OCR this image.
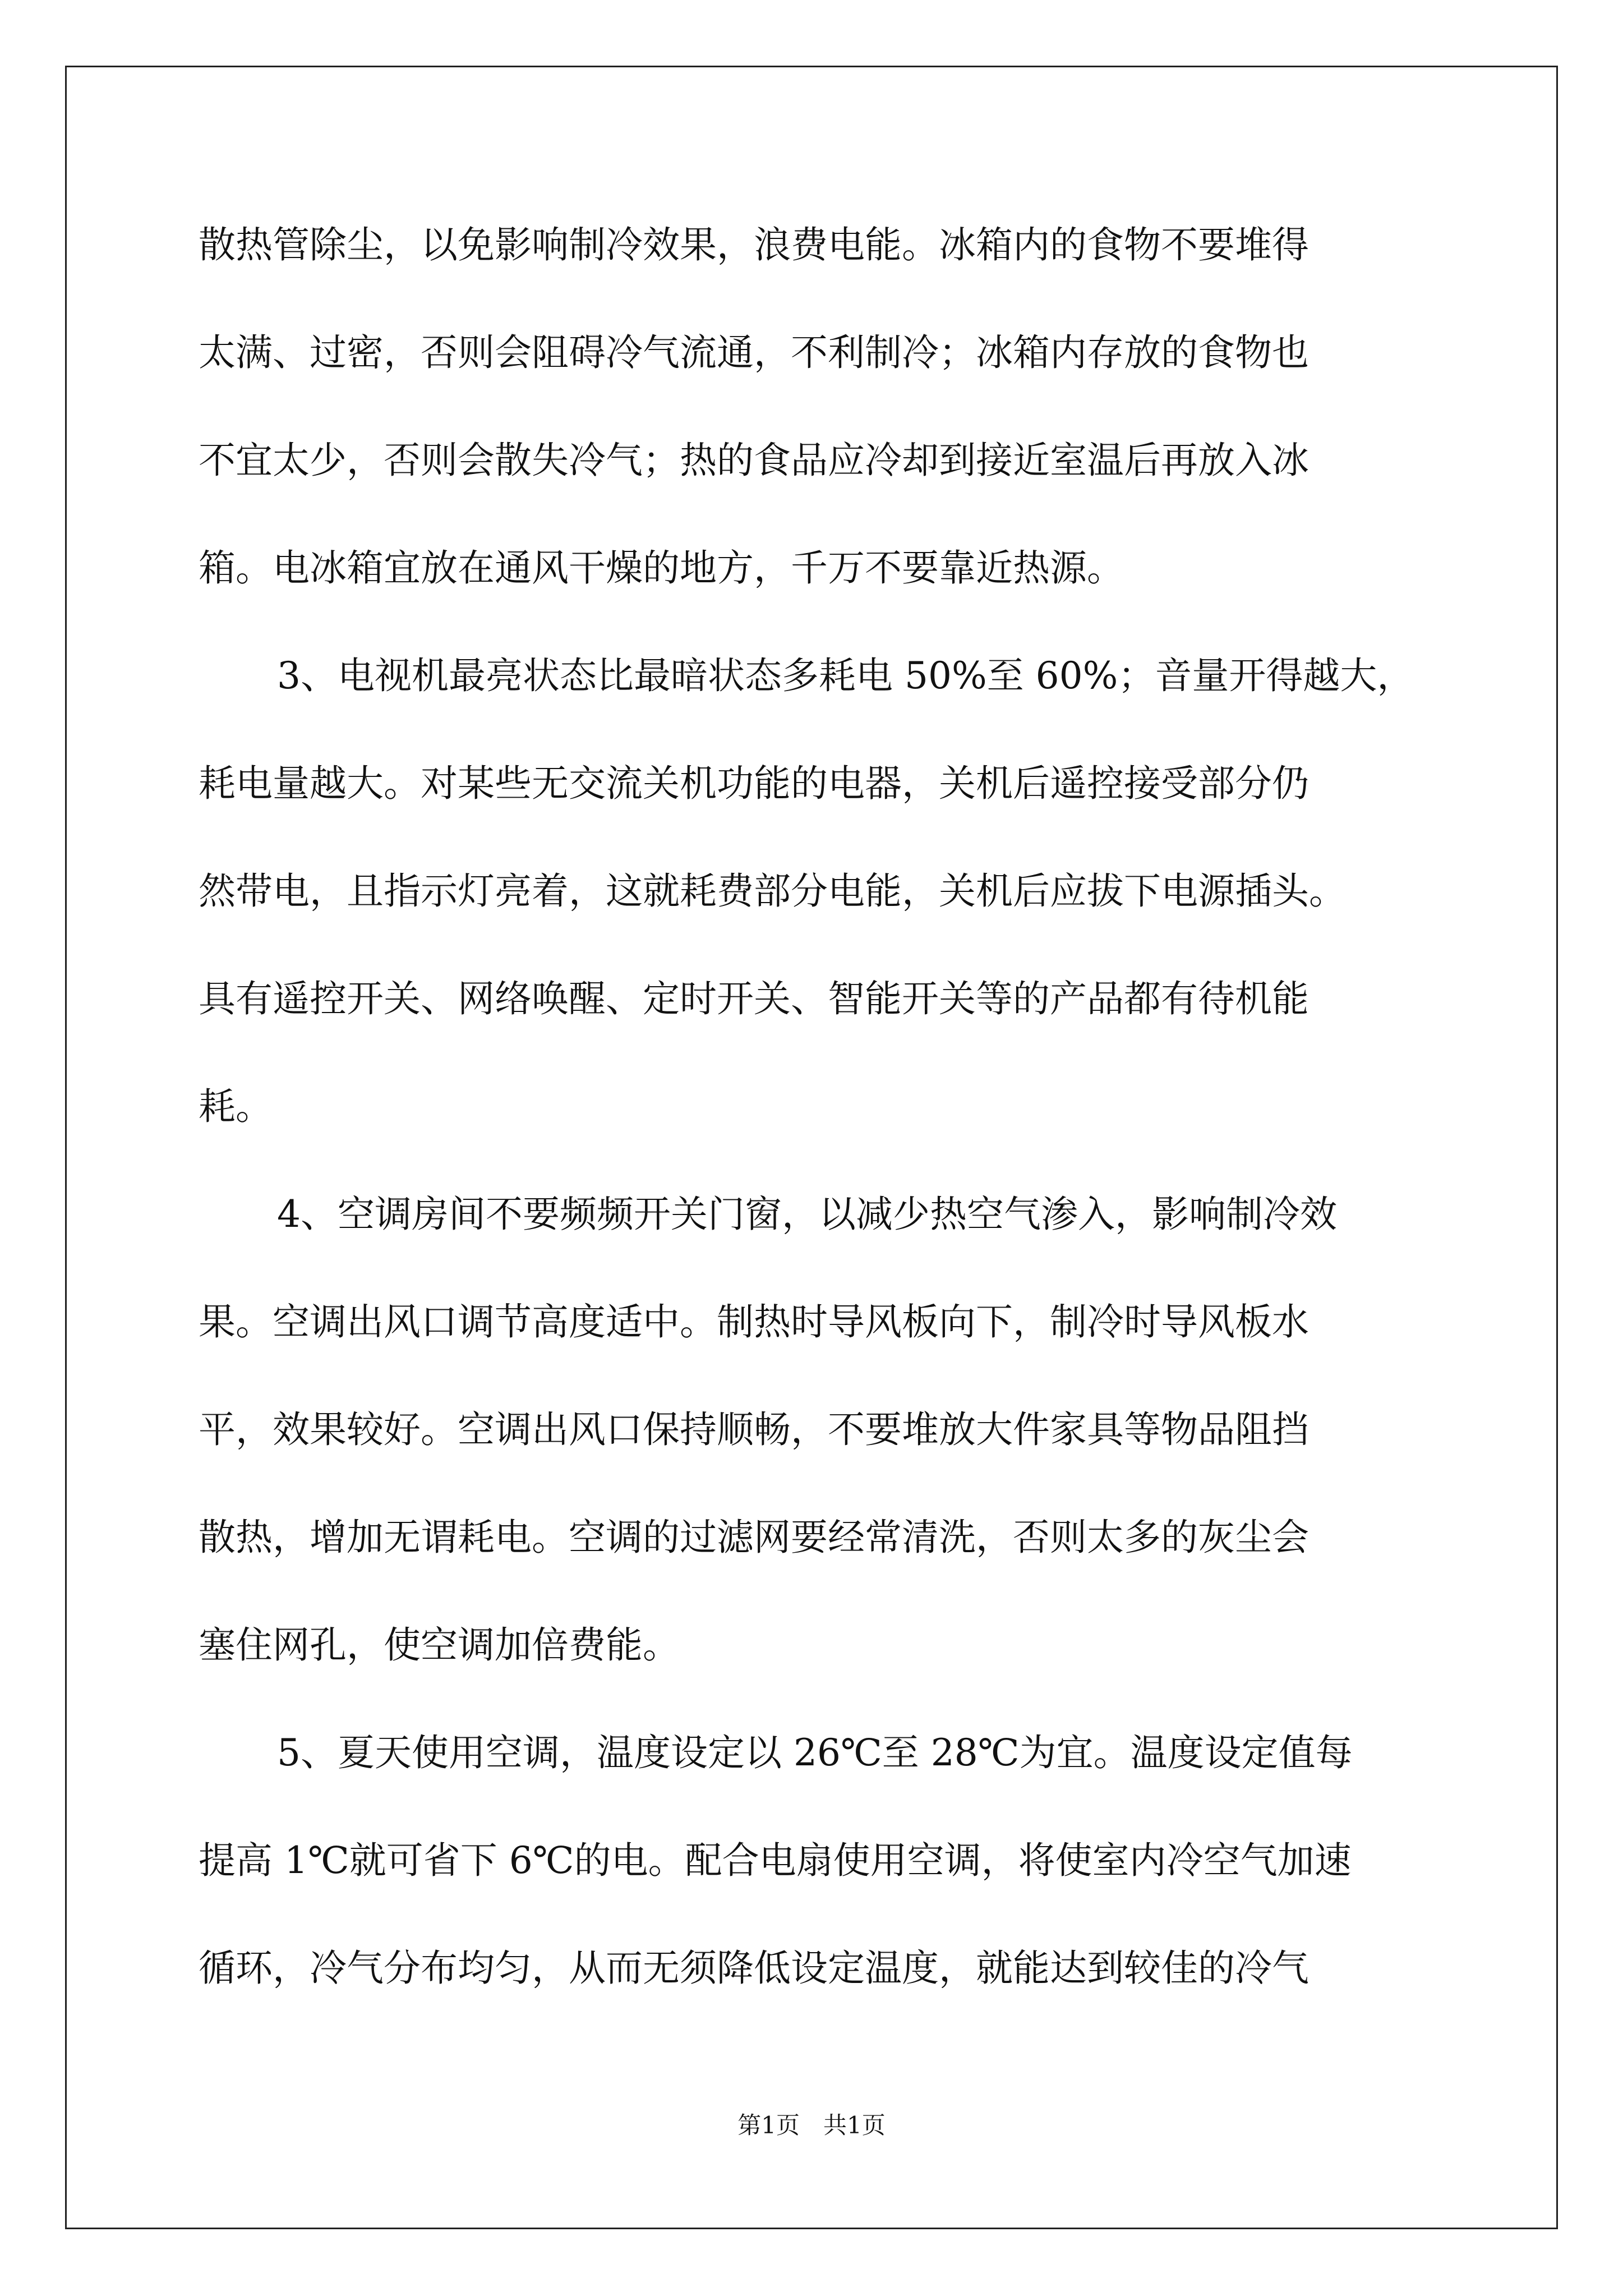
散热管除尘，以免影响制冷效果，浪费电能。冰箱内的食物不要堆得
太满、过密，否则会阻碍冷气流通，不利制冷；冰箱内存放的食物也
不宜太少，否则会散失冷气；热的食品应冷却到接近室温后再放入冰
箱。电冰箱宜放在通风干燥的地方，千万不要靠近热源。
3、电视机最亮状态比最暗状态多耗电 50%至 60%；音量开得越大，
耗电量越大。对某些无交流关机功能的电器，关机后遥控接受部分仍
然带电，且指示灯亮着，这就耗费部分电能，关机后应拔下电源插头。
具有遥控开关、网络唤醒、定时开关、智能开关等的产品都有待机能
耗。
4、空调房间不要频频开关门窗，以减少热空气渗入，影响制冷效
果。空调出风口调节高度适中。制热时导风板向下，制冷时导风板水
平，效果较好。空调出风口保持顺畅，不要堆放大件家具等物品阻挡
散热，增加无谓耗电。空调的过滤网要经常清洗，否则太多的灰尘会
塞住网孔，使空调加倍费能。
5、夏天使用空调，温度设定以 26℃至 28℃为宜。温度设定值每
提高 1℃就可省下 6℃的电。配合电扇使用空调，将使室内冷空气加速
循环，冷气分布均匀，从而无须降低设定温度，就能达到较佳的冷气
第1页　共1页
